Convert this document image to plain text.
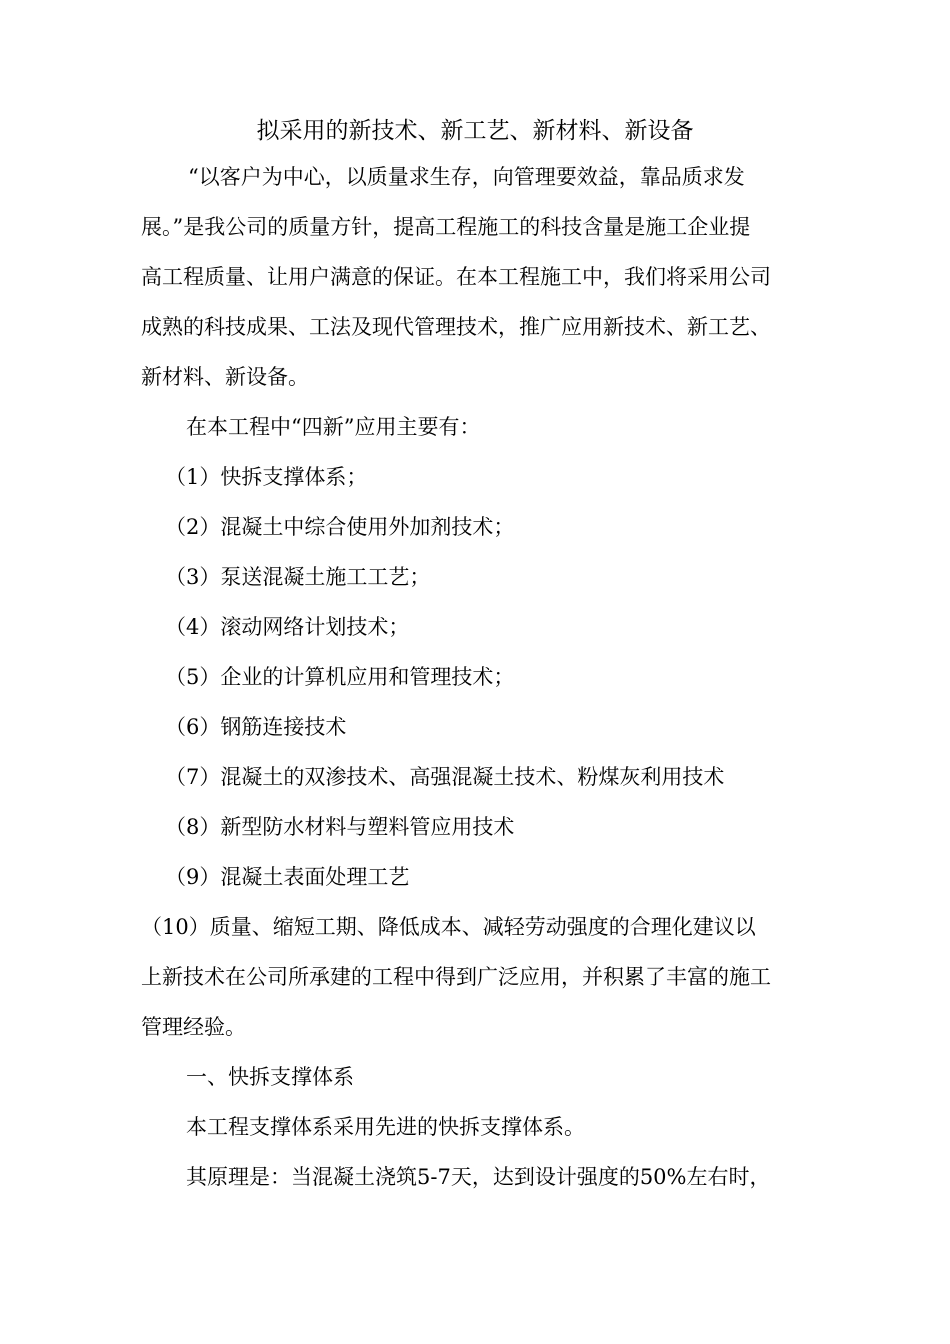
拟采用的新技术、新工艺、新材料、新设备
“以客户为中心，以质量求生存，向管理要效益，靠品质求发
展。”是我公司的质量方针，提高工程施工的科技含量是施工企业提
高工程质量、让用户满意的保证。在本工程施工中，我们将采用公司
成熟的科技成果、工法及现代管理技术，推广应用新技术、新工艺、
新材料、新设备。
在本工程中“四新”应用主要有：
（1）快拆支撑体系；
（2）混凝土中综合使用外加剂技术；
（3）泵送混凝土施工工艺；
（4）滚动网络计划技术；
（5）企业的计算机应用和管理技术；
（6）钢筋连接技术
（7）混凝土的双渗技术、高强混凝土技术、粉煤灰利用技术
（8）新型防水材料与塑料管应用技术
（9）混凝土表面处理工艺
（10）质量、缩短工期、降低成本、减轻劳动强度的合理化建议以
上新技术在公司所承建的工程中得到广泛应用，并积累了丰富的施工
管理经验。
一、快拆支撑体系
本工程支撑体系采用先进的快拆支撑体系。
其原理是：当混凝土浇筑5-7天，达到设计强度的50%左右时，
